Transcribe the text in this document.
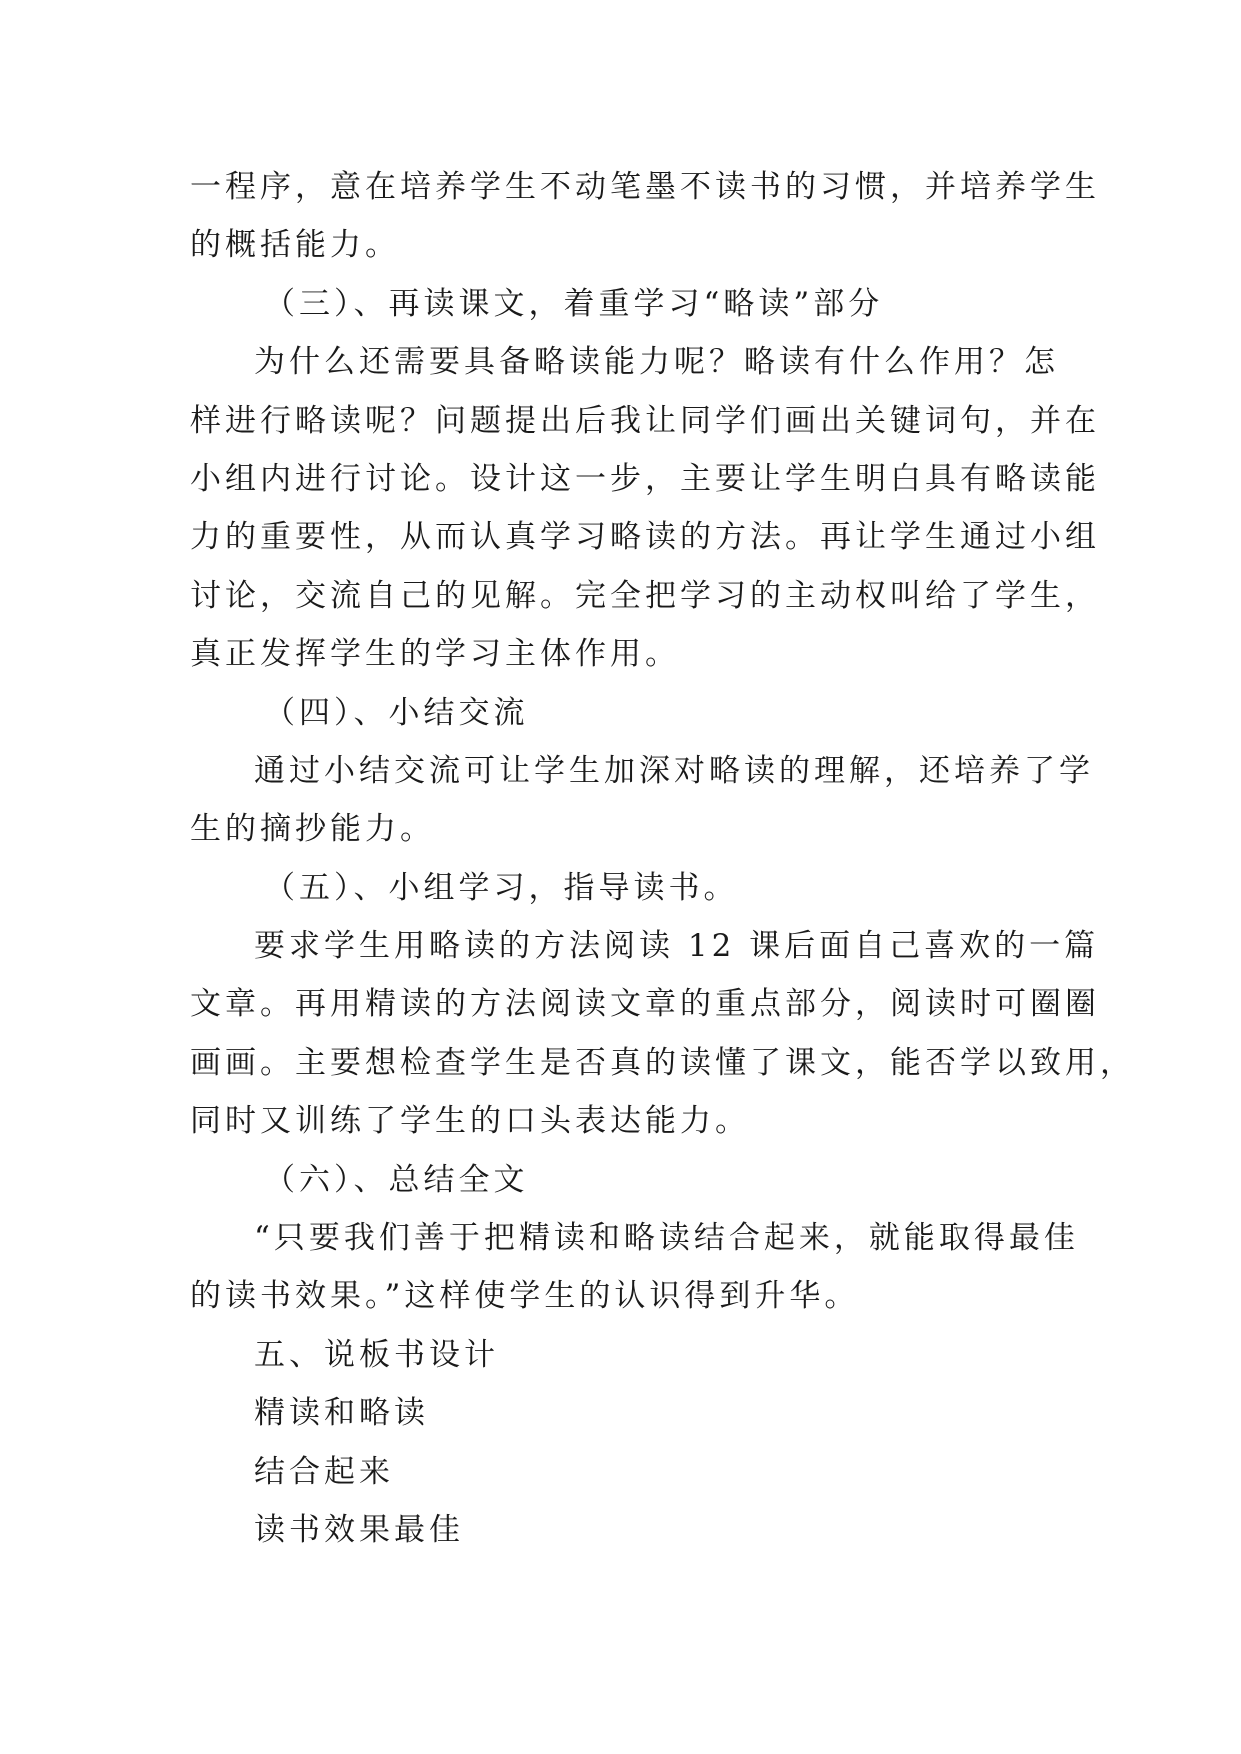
一程序，意在培养学生不动笔墨不读书的习惯，并培养学生
的概括能力。
（三）、再读课文，着重学习“略读”部分
为什么还需要具备略读能力呢？略读有什么作用？怎
样进行略读呢？问题提出后我让同学们画出关键词句，并在
小组内进行讨论。设计这一步，主要让学生明白具有略读能
力的重要性，从而认真学习略读的方法。再让学生通过小组
讨论，交流自己的见解。完全把学习的主动权叫给了学生，
真正发挥学生的学习主体作用。
（四）、小结交流
通过小结交流可让学生加深对略读的理解，还培养了学
生的摘抄能力。
（五）、小组学习，指导读书。
要求学生用略读的方法阅读 12 课后面自己喜欢的一篇
文章。再用精读的方法阅读文章的重点部分，阅读时可圈圈
画画。主要想检查学生是否真的读懂了课文，能否学以致用，
同时又训练了学生的口头表达能力。
（六）、总结全文
“只要我们善于把精读和略读结合起来，就能取得最佳
的读书效果。”这样使学生的认识得到升华。
五、说板书设计
精读和略读
结合起来
读书效果最佳
